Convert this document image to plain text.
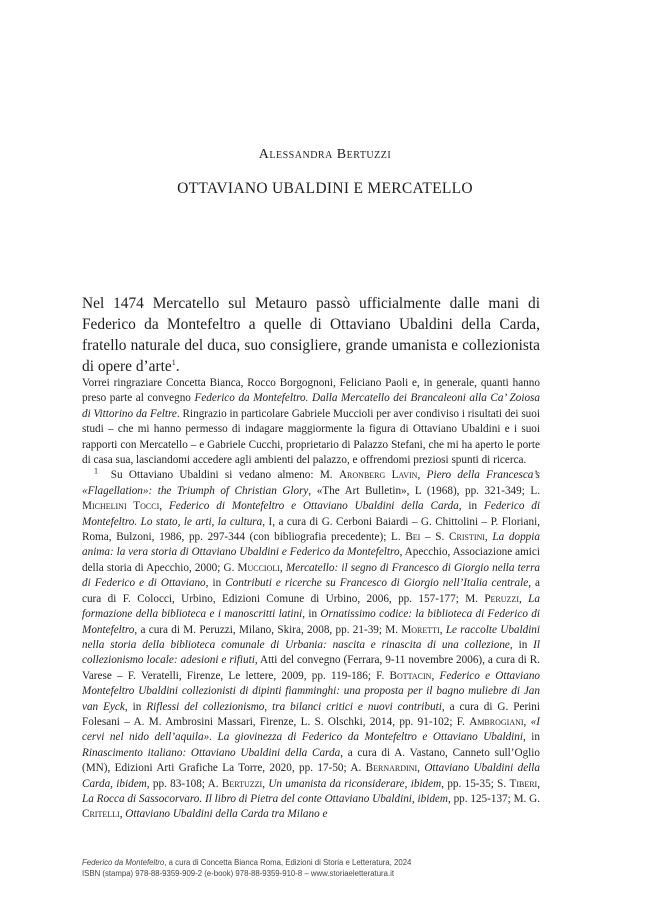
Alessandra Bertuzzi
OTTAVIANO UBALDINI E MERCATELLO
Nel 1474 Mercatello sul Metauro passò ufficialmente dalle mani di Federico da Montefeltro a quelle di Ottaviano Ubaldini della Carda, fratello naturale del duca, suo consigliere, grande umanista e collezionista di opere d’arte$^1$.

Vorrei ringraziare Concetta Bianca, Rocco Borgognoni, Feliciano Paoli e, in generale, quanti hanno preso parte al convegno Federico da Montefeltro. Dalla Mercatello dei Brancaleoni alla Ca’ Zoiosa di Vittorino da Feltre. Ringrazio in particolare Gabriele Muccioli per aver condiviso i risultati dei suoi studi – che mi hanno permesso di indagare maggiormente la figura di Ottaviano Ubaldini e i suoi rapporti con Mercatello – e Gabriele Cucchi, proprietario di Palazzo Stefani, che mi ha aperto le porte di casa sua, lasciandomi accedere agli ambienti del palazzo, e offrendomi preziosi spunti di ricerca.

$^1$ Su Ottaviano Ubaldini si vedano almeno: M. Aronberg Lavin, Piero della Francesca’s «Flagellation»: the Triumph of Christian Glory, «The Art Bulletin», L (1968), pp. 321-349; L. Michelini Tocci, Federico di Montefeltro e Ottaviano Ubaldini della Carda, in Federico di Montefeltro. Lo stato, le arti, la cultura, I, a cura di G. Cerboni Baiardi – G. Chittolini – P. Floriani, Roma, Bulzoni, 1986, pp. 297-344 (con bibliografia precedente); L. Bei – S. Cristini, La doppia anima: la vera storia di Ottaviano Ubaldini e Federico da Montefeltro, Apecchio, Associazione amici della storia di Apecchio, 2000; G. Muccioli, Mercatello: il segno di Francesco di Giorgio nella terra di Federico e di Ottaviano, in Contributi e ricerche su Francesco di Giorgio nell’Italia centrale, a cura di F. Colocci, Urbino, Edizioni Comune di Urbino, 2006, pp. 157-177; M. Peruzzi, La formazione della biblioteca e i manoscritti latini, in Ornatissimo codice: la biblioteca di Federico di Montefeltro, a cura di M. Peruzzi, Milano, Skira, 2008, pp. 21-39; M. Moretti, Le raccolte Ubaldini nella storia della biblioteca comunale di Urbania: nascita e rinascita di una collezione, in Il collezionismo locale: adesioni e rifiuti, Atti del convegno (Ferrara, 9-11 novembre 2006), a cura di R. Varese – F. Veratelli, Firenze, Le lettere, 2009, pp. 119-186; F. Bottacin, Federico e Ottaviano Montefeltro Ubaldini collezionisti di dipinti fiamminghi: una proposta per il bagno muliebre di Jan van Eyck, in Riflessi del collezionismo, tra bilanci critici e nuovi contributi, a cura di G. Perini Folesani – A. M. Ambrosini Massari, Firenze, L. S. Olschki, 2014, pp. 91-102; F. Ambrogiani, «I cervi nel nido dell’aquila». La giovinezza di Federico da Montefeltro e Ottaviano Ubaldini, in Rinascimento italiano: Ottaviano Ubaldini della Carda, a cura di A. Vastano, Canneto sull’Oglio (MN), Edizioni Arti Grafiche La Torre, 2020, pp. 17-50; A. Bernardini, Ottaviano Ubaldini della Carda, ibidem, pp. 83-108; A. Bertuzzi, Un umanista da riconsiderare, ibidem, pp. 15-35; S. Tiberi, La Rocca di Sassocorvaro. Il libro di Pietra del conte Ottaviano Ubaldini, ibidem, pp. 125-137; M. G. Critelli, Ottaviano Ubaldini della Carda tra Milano e

Federico da Montefeltro, a cura di Concetta Bianca Roma, Edizioni di Storia e Letteratura, 2024
ISBN (stampa) 978-88-9359-909-2 (e-book) 978-88-9359-910-8 – www.storiaeletteratura.it
